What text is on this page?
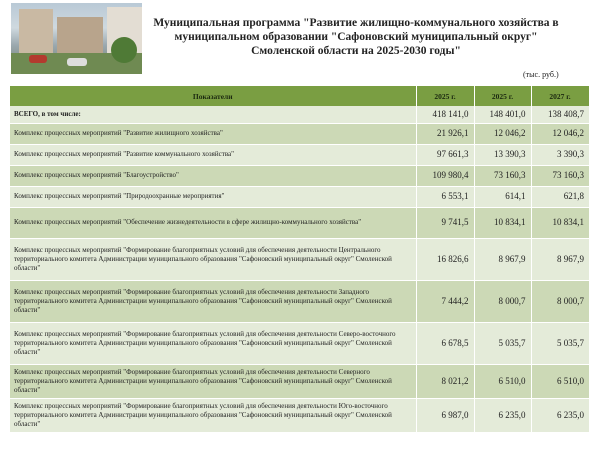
Муниципальная программа "Развитие жилищно-коммунального хозяйства в муниципальном образовании "Сафоновский муниципальный округ" Смоленской области на 2025-2030 годы"
(тыс. руб.)
Показатели	2025 г.	2025 г.	2027 г.
ВСЕГО, в том числе:	418 141,0	148 401,0	138 408,7
Комплекс процессных мероприятий "Развитие жилищного хозяйства"	21 926,1	12 046,2	12 046,2
Комплекс процессных мероприятий "Развитие коммунального хозяйства"	97 661,3	13 390,3	3 390,3
Комплекс процессных мероприятий "Благоустройство"	109 980,4	73 160,3	73 160,3
Комплекс процессных мероприятий "Природоохранные мероприятия"	6 553,1	614,1	621,8
Комплекс процессных мероприятий "Обеспечение жизнедеятельности в сфере жилищно-коммунального хозяйства"	9 741,5	10 834,1	10 834,1
Комплекс процессных мероприятий "Формирование благоприятных условий для обеспечения деятельности Центрального территориального комитета Администрации муниципального образования "Сафоновский муниципальный округ" Смоленской области"	16 826,6	8 967,9	8 967,9
Комплекс процессных мероприятий "Формирование благоприятных условий для обеспечения деятельности Западного территориального комитета Администрации муниципального образования "Сафоновский муниципальный округ" Смоленской области"	7 444,2	8 000,7	8 000,7
Комплекс процессных мероприятий "Формирование благоприятных условий для обеспечения деятельности Северо-восточного территориального комитета Администрации муниципального образования "Сафоновский муниципальный округ" Смоленской области"	6 678,5	5 035,7	5 035,7
Комплекс процессных мероприятий "Формирование благоприятных условий для обеспечения деятельности Северного территориального комитета Администрации муниципального образования "Сафоновский муниципальный округ" Смоленской области"	8 021,2	6 510,0	6 510,0
Комплекс процессных мероприятий "Формирование благоприятных условий для обеспечения деятельности Юго-восточного территориального комитета Администрации муниципального образования "Сафоновский муниципальный округ" Смоленской области"	6 987,0	6 235,0	6 235,0
